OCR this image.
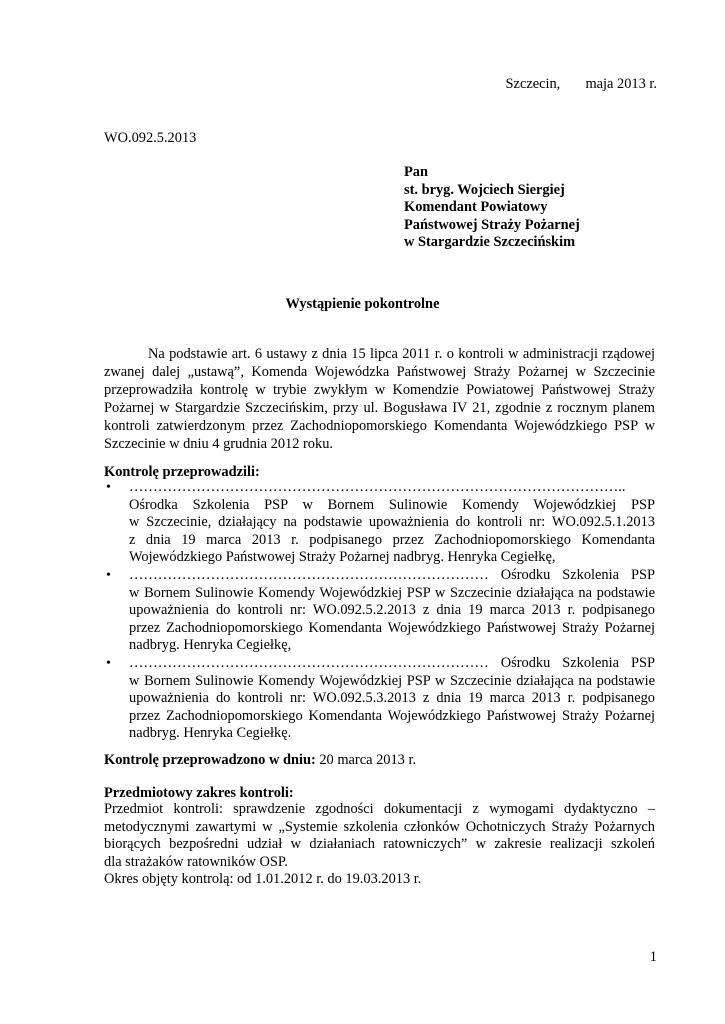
Szczecin,       maja 2013 r.
WO.092.5.2013
Pan
st. bryg. Wojciech Siergiej
Komendant Powiatowy
Państwowej Straży Pożarnej
w Stargardzie Szczecińskim
Wystąpienie pokontrolne

Na podstawie art. 6 ustawy z dnia 15 lipca 2011 r. o kontroli w administracji rządowej zwanej dalej „ustawą”, Komenda Wojewódzka Państwowej Straży Pożarnej w Szczecinie przeprowadziła kontrolę w trybie zwykłym w Komendzie Powiatowej Państwowej Straży Pożarnej w Stargardzie Szczecińskim, przy ul. Bogusława IV 21, zgodnie z rocznym planem kontroli zatwierdzonym przez Zachodniopomorskiego Komendanta Wojewódzkiego PSP w Szczecinie w dniu 4 grudnia 2012 roku.

Kontrolę przeprowadzili:
• …………………………………………………………………………………………..
Ośrodka Szkolenia PSP w Bornem Sulinowie Komendy Wojewódzkiej PSP
w Szczecinie, działający na podstawie upoważnienia do kontroli nr: WO.092.5.1.2013
z dnia 19 marca 2013 r. podpisanego przez Zachodniopomorskiego Komendanta
Wojewódzkiego Państwowej Straży Pożarnej nadbryg. Henryka Cegiełkę,
• ………………………………………………………………… Ośrodku Szkolenia PSP
w Bornem Sulinowie Komendy Wojewódzkiej PSP w Szczecinie działająca na podstawie
upoważnienia do kontroli nr: WO.092.5.2.2013 z dnia 19 marca 2013 r. podpisanego
przez Zachodniopomorskiego Komendanta Wojewódzkiego Państwowej Straży Pożarnej
nadbryg. Henryka Cegiełkę,
• ………………………………………………………………… Ośrodku Szkolenia PSP
w Bornem Sulinowie Komendy Wojewódzkiej PSP w Szczecinie działająca na podstawie
upoważnienia do kontroli nr: WO.092.5.3.2013 z dnia 19 marca 2013 r. podpisanego
przez Zachodniopomorskiego Komendanta Wojewódzkiego Państwowej Straży Pożarnej
nadbryg. Henryka Cegiełkę.
Kontrolę przeprowadzono w dniu: 20 marca 2013 r.
Przedmiotowy zakres kontroli:
Przedmiot kontroli: sprawdzenie zgodności dokumentacji z wymogami dydaktyczno –
metodycznymi zawartymi w „Systemie szkolenia członków Ochotniczych Straży Pożarnych
biorących bezpośredni udział w działaniach ratowniczych” w zakresie realizacji szkoleń
dla strażaków ratowników OSP.
Okres objęty kontrolą: od 1.01.2012 r. do 19.03.2013 r.
1
